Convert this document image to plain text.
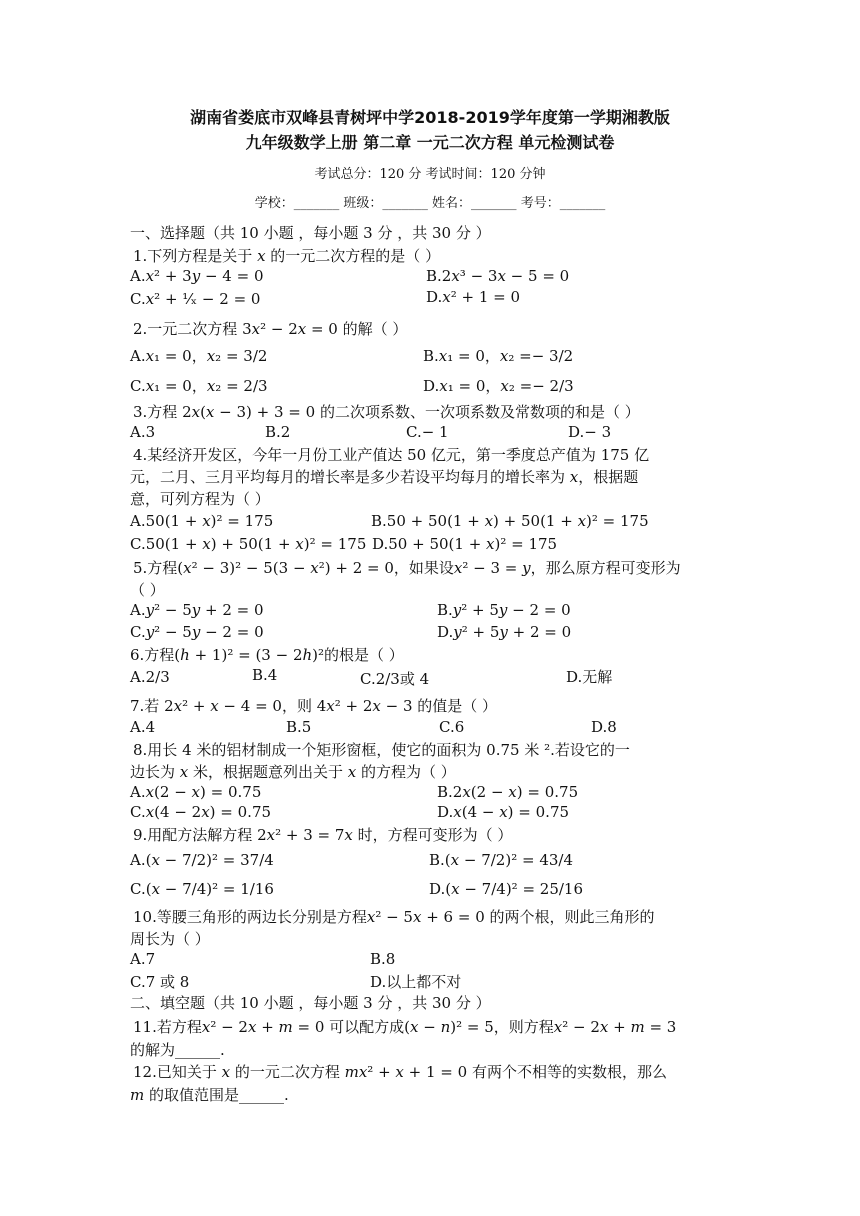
湖南省娄底市双峰县青树坪中学2018-2019学年度第一学期湘教版
九年级数学上册 第二章 一元二次方程 单元检测试卷
考试总分：120 分 考试时间：120 分钟
学校：_______ 班级：_______ 姓名：_______ 考号：_______
一、选择题（共 10 小题 ，每小题 3 分 ，共 30 分 ）
1.下列方程是关于 𝑥 的一元二次方程的是（ ）
A.𝑥² + 3𝑦 − 4 = 0	B.2𝑥³ − 3𝑥 − 5 = 0
C.𝑥² + ¹⁄ₓ − 2 = 0	D.𝑥² + 1 = 0
2.一元二次方程 3𝑥² − 2𝑥 = 0 的解（ ）
A.𝑥₁ = 0，𝑥₂ = 3/2	B.𝑥₁ = 0，𝑥₂ =− 3/2
C.𝑥₁ = 0，𝑥₂ = 2/3	D.𝑥₁ = 0，𝑥₂ =− 2/3
3.方程 2𝑥(𝑥 − 3) + 3 = 0 的二次项系数、一次项系数及常数项的和是（ ）
A.3	B.2	C.− 1	D.− 3
4.某经济开发区，今年一月份工业产值达 50 亿元，第一季度总产值为 175 亿
元，二月、三月平均每月的增长率是多少若设平均每月的增长率为 𝑥，根据题
意，可列方程为（ ）
A.50(1 + 𝑥)² = 175	B.50 + 50(1 + 𝑥) + 50(1 + 𝑥)² = 175
C.50(1 + 𝑥) + 50(1 + 𝑥)² = 175 D.50 + 50(1 + 𝑥)² = 175
5.方程(𝑥² − 3)² − 5(3 − 𝑥²) + 2 = 0，如果设𝑥² − 3 = 𝑦，那么原方程可变形为
（ ）
A.𝑦² − 5𝑦 + 2 = 0	B.𝑦² + 5𝑦 − 2 = 0
C.𝑦² − 5𝑦 − 2 = 0	D.𝑦² + 5𝑦 + 2 = 0
6.方程(ℎ + 1)² = (3 − 2ℎ)²的根是（ ）
A.2/3	B.4	C.2/3或 4	D.无解
7.若 2𝑥² + 𝑥 − 4 = 0，则 4𝑥² + 2𝑥 − 3 的值是（ ）
A.4	B.5	C.6	D.8
8.用长 4 米的铝材制成一个矩形窗框，使它的面积为 0.75 米 ².若设它的一
边长为 𝑥 米，根据题意列出关于 𝑥 的方程为（ ）
A.𝑥(2 − 𝑥) = 0.75	B.2𝑥(2 − 𝑥) = 0.75
C.𝑥(4 − 2𝑥) = 0.75	D.𝑥(4 − 𝑥) = 0.75
9.用配方法解方程 2𝑥² + 3 = 7𝑥 时，方程可变形为（ ）
A.(𝑥 − 7/2)² = 37/4	B.(𝑥 − 7/2)² = 43/4
C.(𝑥 − 7/4)² = 1/16	D.(𝑥 − 7/4)² = 25/16
10.等腰三角形的两边长分别是方程𝑥² − 5𝑥 + 6 = 0 的两个根，则此三角形的
周长为（ ）
A.7	B.8
C.7 或 8	D.以上都不对
二、填空题（共 10 小题 ，每小题 3 分 ，共 30 分 ）
11.若方程𝑥² − 2𝑥 + 𝑚 = 0 可以配方成(𝑥 − 𝑛)² = 5，则方程𝑥² − 2𝑥 + 𝑚 = 3
的解为______.
12.已知关于 𝑥 的一元二次方程 𝑚𝑥² + 𝑥 + 1 = 0 有两个不相等的实数根，那么
𝑚 的取值范围是______.
